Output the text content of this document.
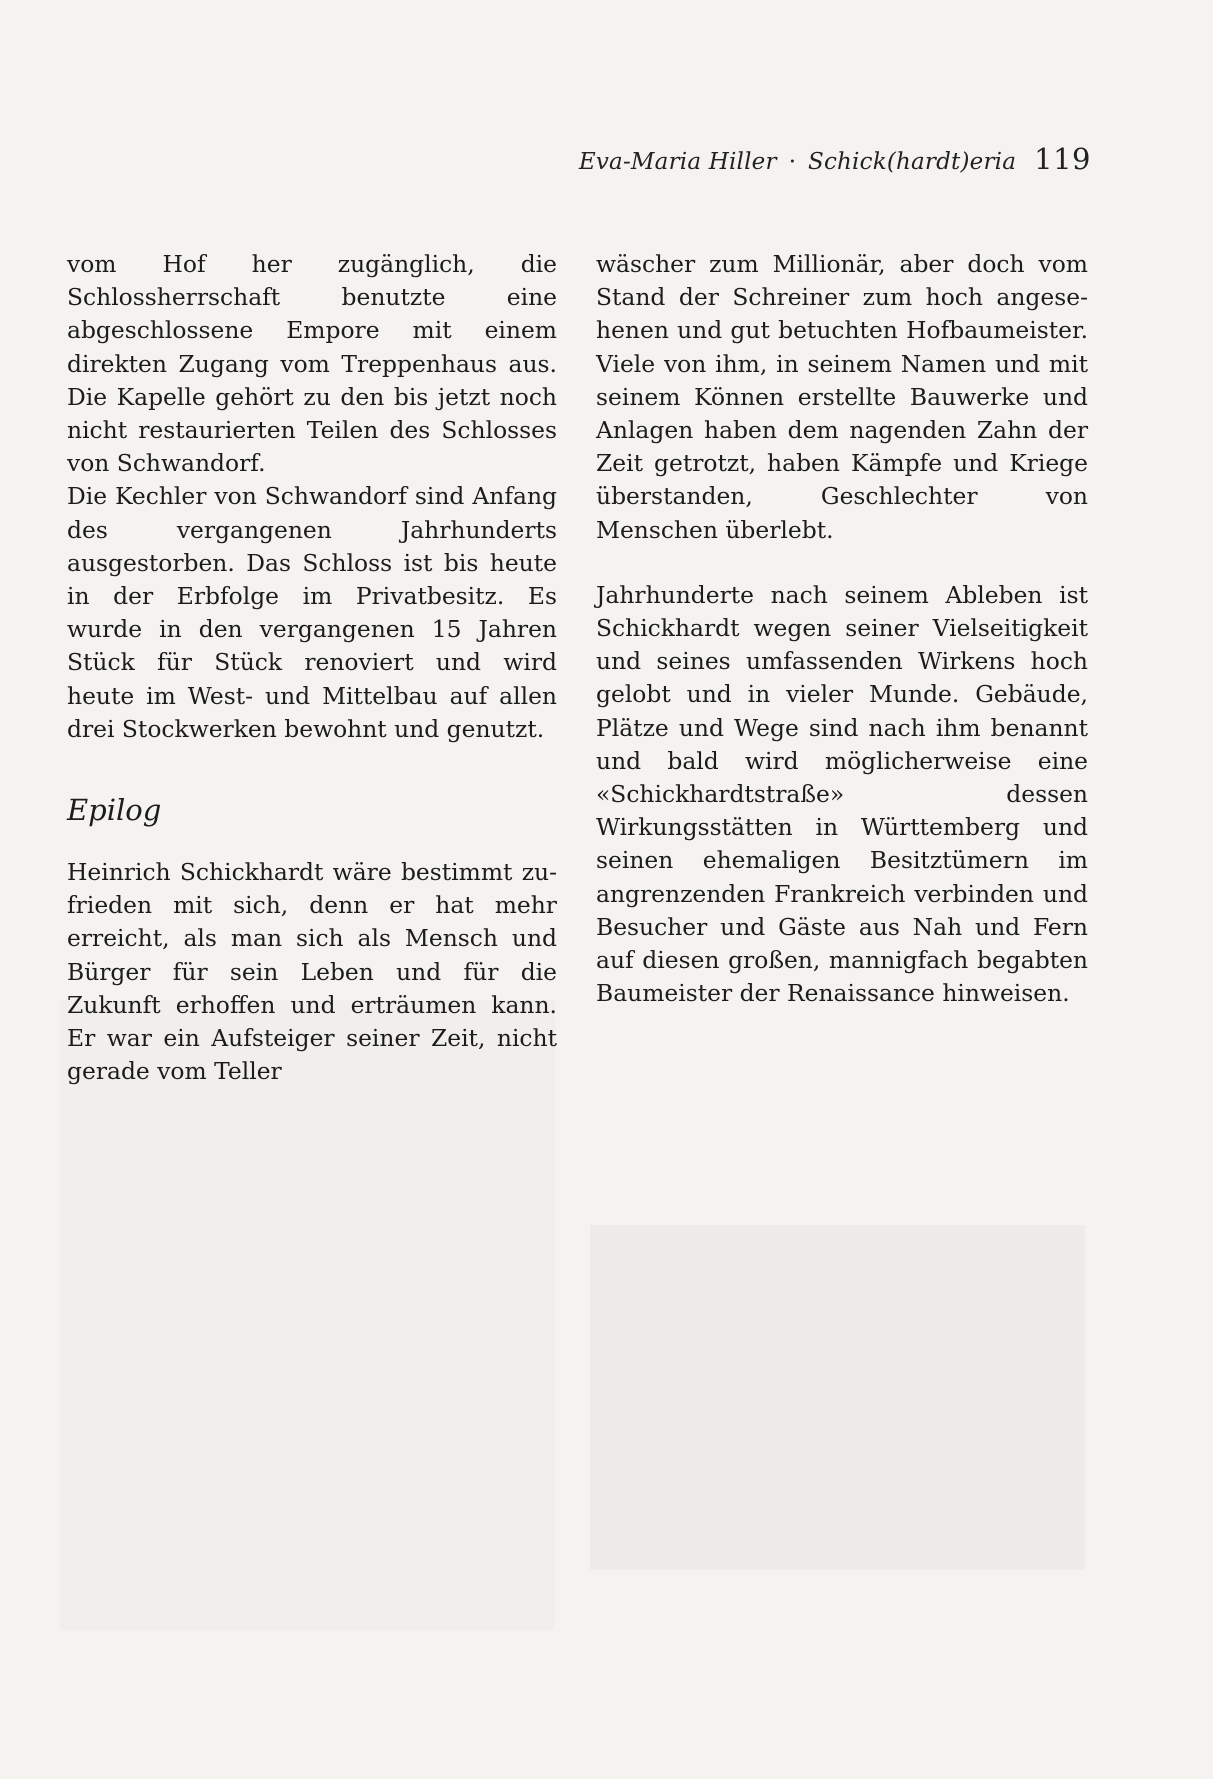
Eva-Maria Hiller · Schick(hardt)eria 119

vom Hof her zugänglich, die Schlossherrschaft benutzte eine abgeschlossene Empore mit einem direkten Zugang vom Treppenhaus aus. Die Kapelle gehört zu den bis jetzt noch nicht restaurierten Teilen des Schlosses von Schwandorf.

Die Kechler von Schwandorf sind Anfang des vergangenen Jahrhunderts ausgestorben. Das Schloss ist bis heute in der Erbfolge im Privatbesitz. Es wurde in den vergangenen 15 Jahren Stück für Stück renoviert und wird heute im West- und Mittelbau auf allen drei Stockwerken bewohnt und genutzt.

Epilog

Heinrich Schickhardt wäre bestimmt zufrieden mit sich, denn er hat mehr erreicht, als man sich als Mensch und Bürger für sein Leben und für die Zukunft erhoffen und erträumen kann. Er war ein Aufsteiger seiner Zeit, nicht gerade vom Teller

wäscher zum Millionär, aber doch vom Stand der Schreiner zum hoch angesehenen und gut betuchten Hofbaumeister. Viele von ihm, in seinem Namen und mit seinem Können erstellte Bauwerke und Anlagen haben dem nagenden Zahn der Zeit getrotzt, haben Kämpfe und Kriege überstanden, Geschlechter von Menschen überlebt.

Jahrhunderte nach seinem Ableben ist Schickhardt wegen seiner Vielseitigkeit und seines umfassenden Wirkens hoch gelobt und in vieler Munde. Gebäude, Plätze und Wege sind nach ihm benannt und bald wird möglicherweise eine «Schickhardtstraße» dessen Wirkungsstätten in Württemberg und seinen ehemaligen Besitztümern im angrenzenden Frankreich verbinden und Besucher und Gäste aus Nah und Fern auf diesen großen, mannigfach begabten Baumeister der Renaissance hinweisen.
